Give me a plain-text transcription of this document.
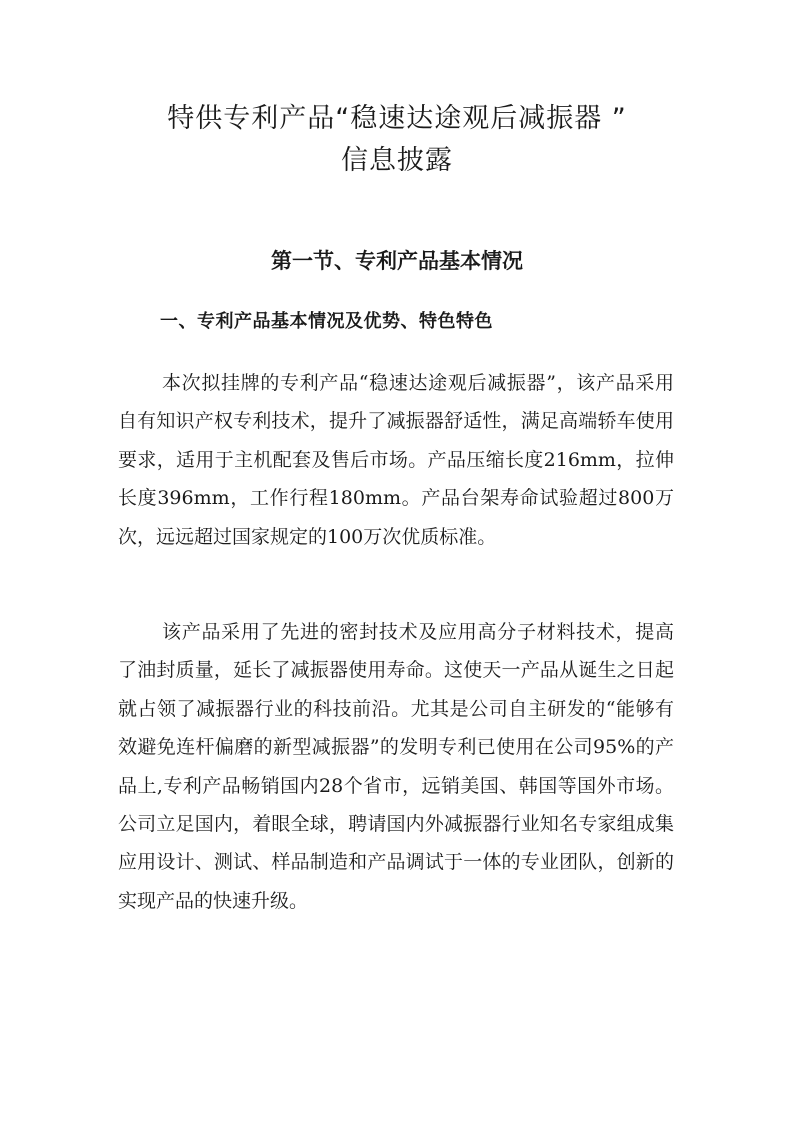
特供专利产品“稳速达途观后减振器 ”
信息披露
第一节、专利产品基本情况
一、专利产品基本情况及优势、特色特色

本次拟挂牌的专利产品“稳速达途观后减振器”，该产品采用自有知识产权专利技术，提升了减振器舒适性，满足高端轿车使用要求，适用于主机配套及售后市场。产品压缩长度216mm，拉伸长度396mm，工作行程180mm。产品台架寿命试验超过800万次，远远超过国家规定的100万次优质标准。

该产品采用了先进的密封技术及应用高分子材料技术，提高了油封质量，延长了减振器使用寿命。这使天一产品从诞生之日起就占领了减振器行业的科技前沿。尤其是公司自主研发的“能够有效避免连杆偏磨的新型减振器”的发明专利已使用在公司95%的产品上,专利产品畅销国内28个省市，远销美国、韩国等国外市场。公司立足国内，着眼全球，聘请国内外减振器行业知名专家组成集应用设计、测试、样品制造和产品调试于一体的专业团队，创新的实现产品的快速升级。
